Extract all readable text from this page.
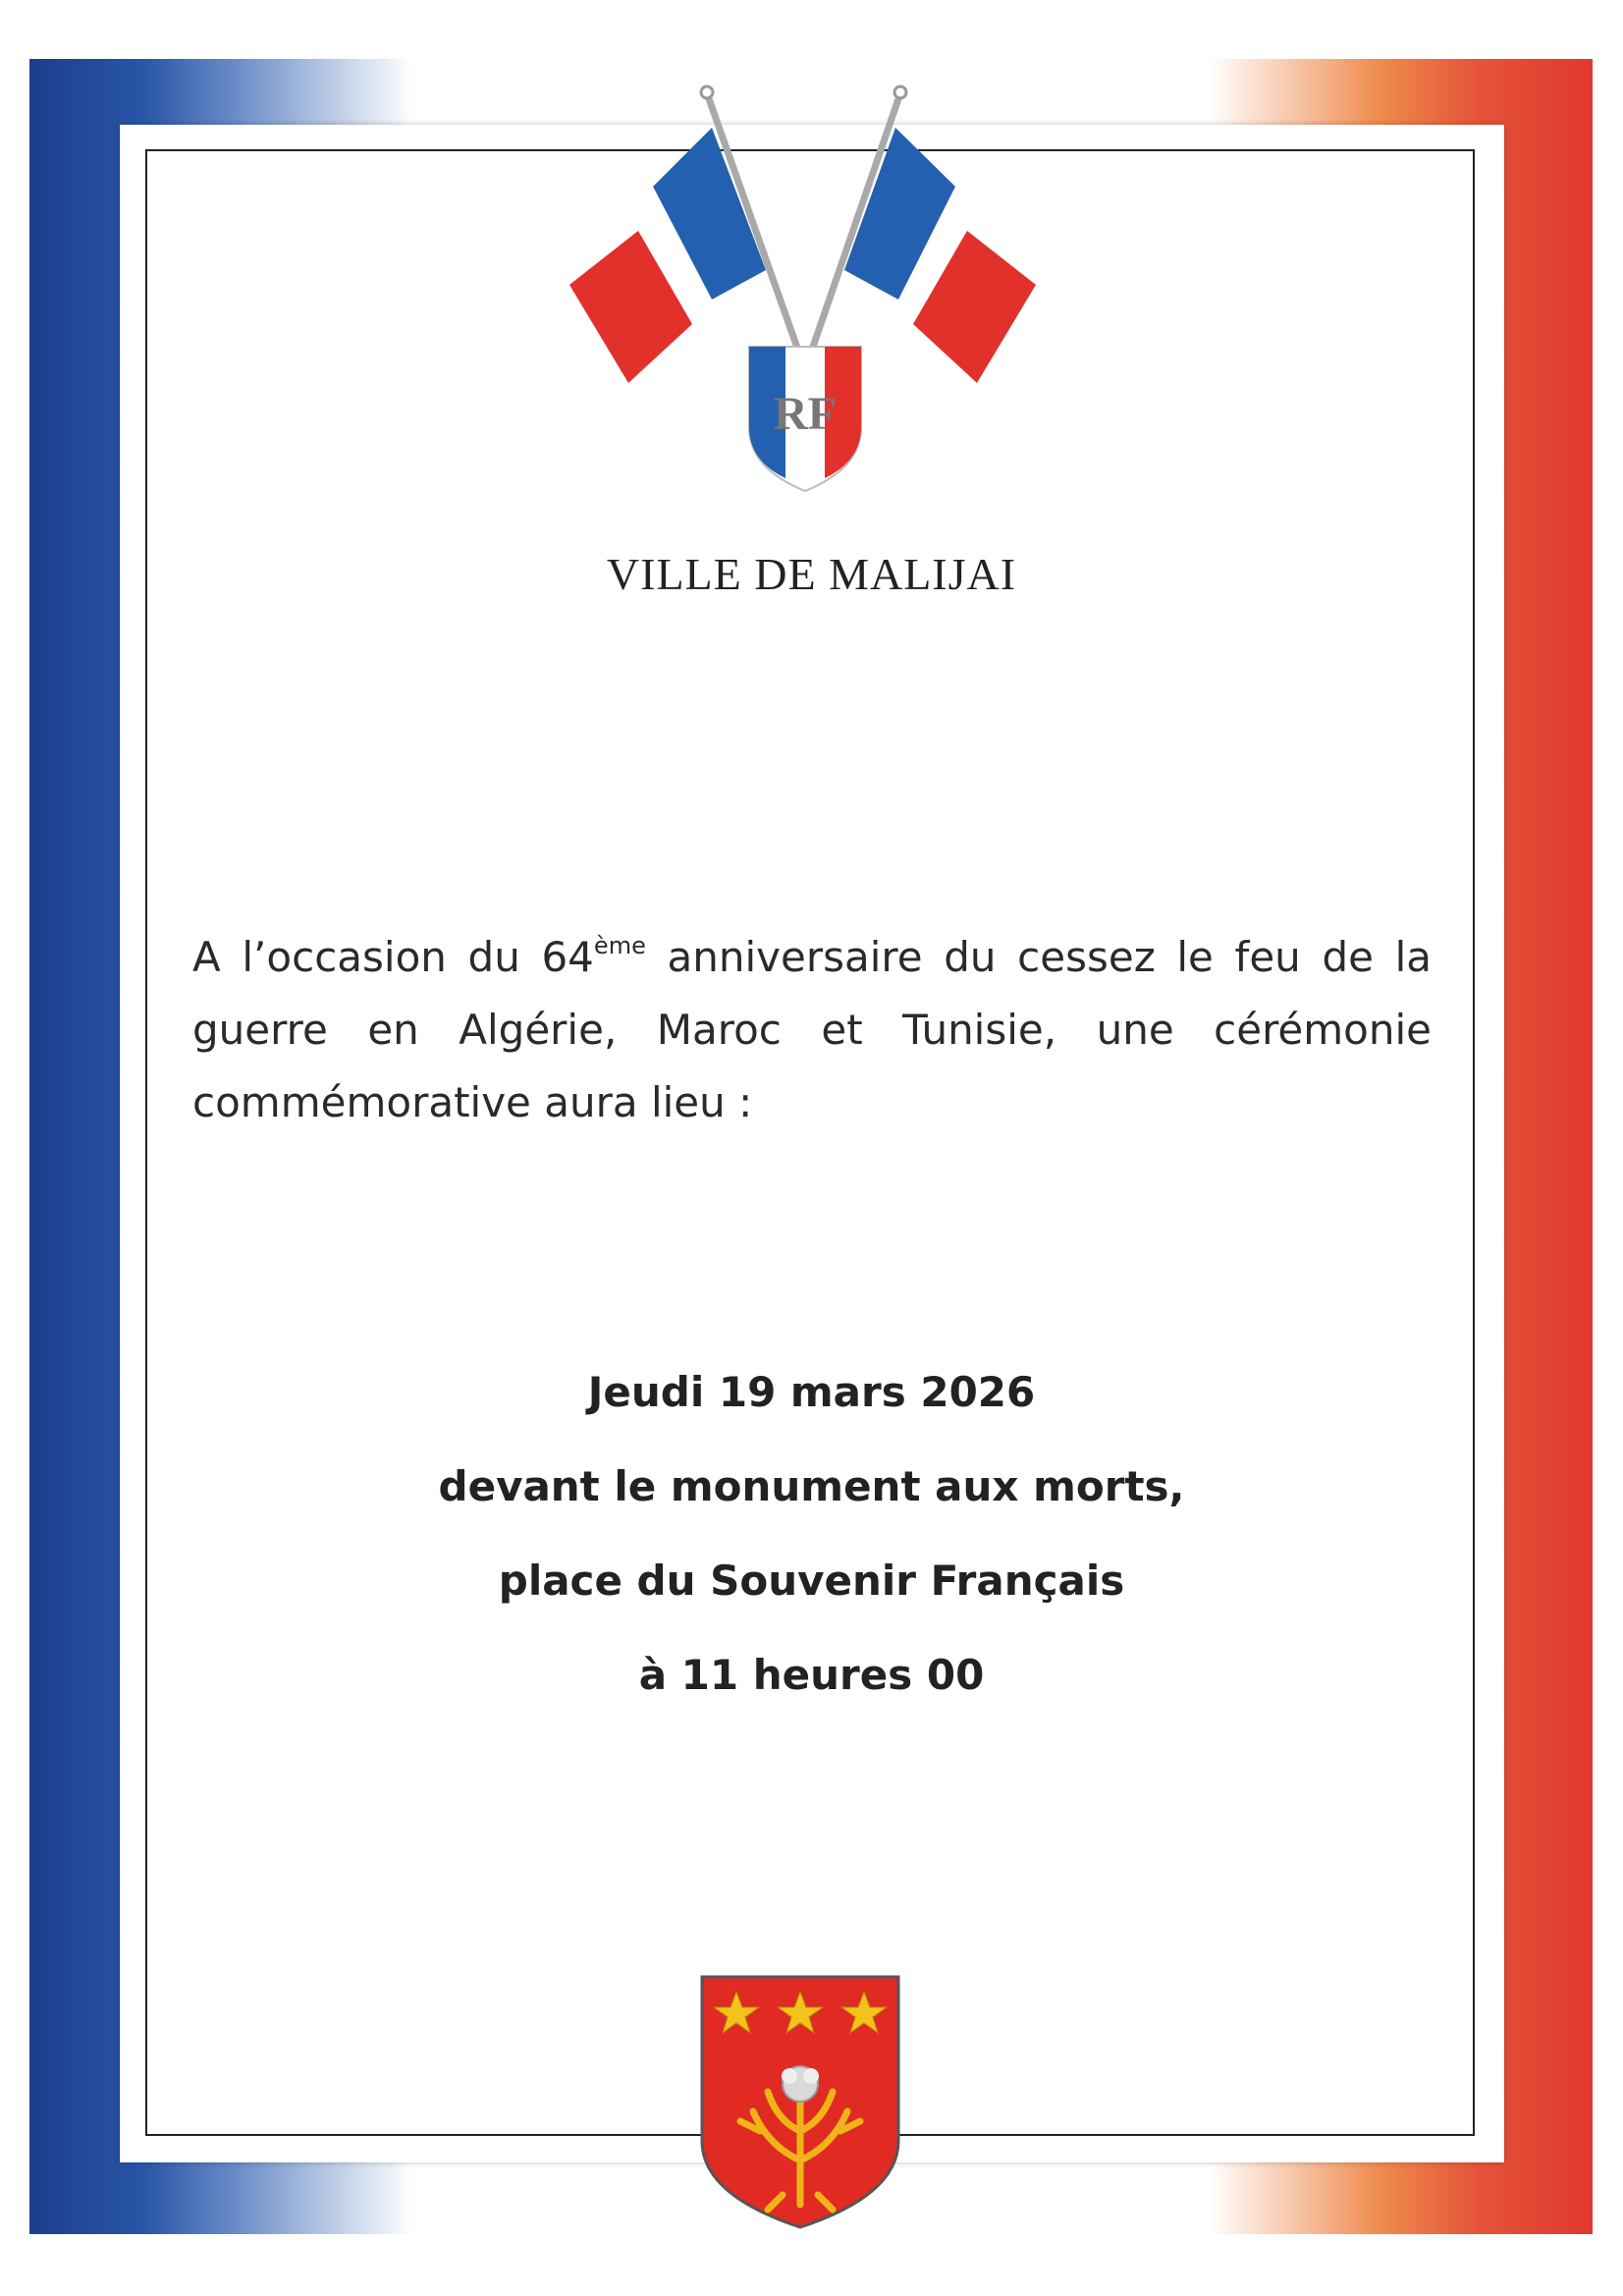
RF
VILLE DE MALIJAI
A l’occasion du 64ème anniversaire du cessez le feu de la guerre en Algérie, Maroc et Tunisie, une cérémonie commémorative aura lieu :
Jeudi 19 mars 2026
devant le monument aux morts,
place du Souvenir Français
à 11 heures 00
